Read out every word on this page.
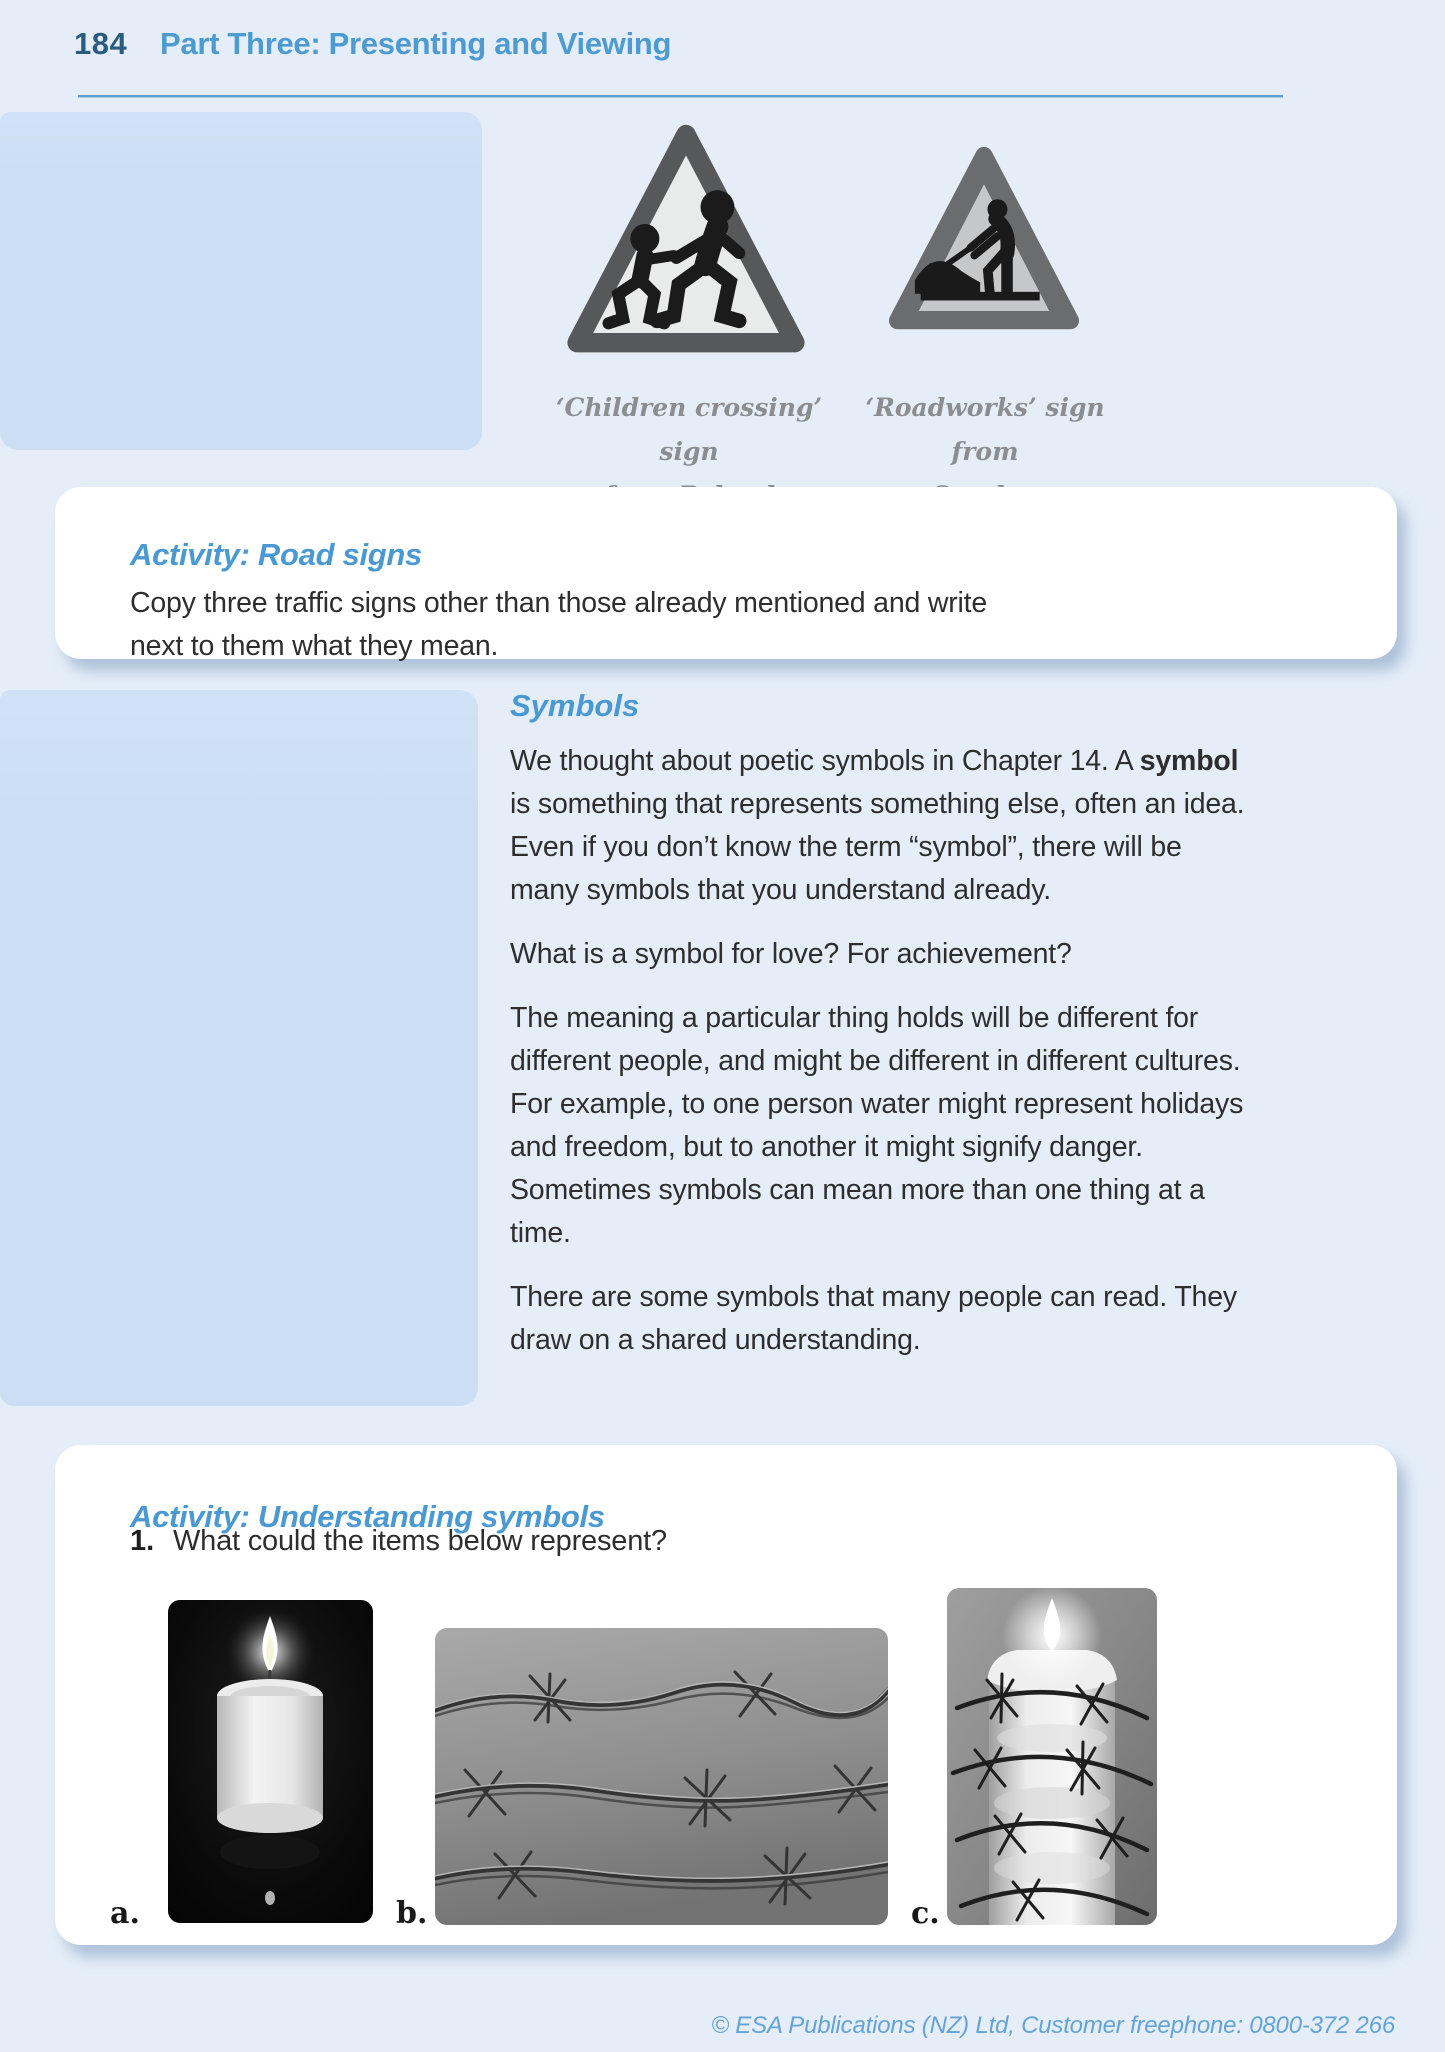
184 Part Three: Presenting and Viewing
‘Children crossing’ sign
‘Roadworks’ sign from
Activity: Road signs

Copy three traffic signs other than those already mentioned and write next to them what they mean.

Symbols

We thought about poetic symbols in Chapter 14. A symbol is something that represents something else, often an idea. Even if you don’t know the term “symbol”, there will be many symbols that you understand already.

What is a symbol for love? For achievement?

The meaning a particular thing holds will be different for different people, and might be different in different cultures. For example, to one person water might represent holidays and freedom, but to another it might signify danger. Sometimes symbols can mean more than one thing at a time.

There are some symbols that many people can read. They draw on a shared understanding.

Activity: Understanding symbols
1. What could the items below represent?
a.	b.	c.
© ESA Publications (NZ) Ltd, Customer freephone: 0800-372 266
